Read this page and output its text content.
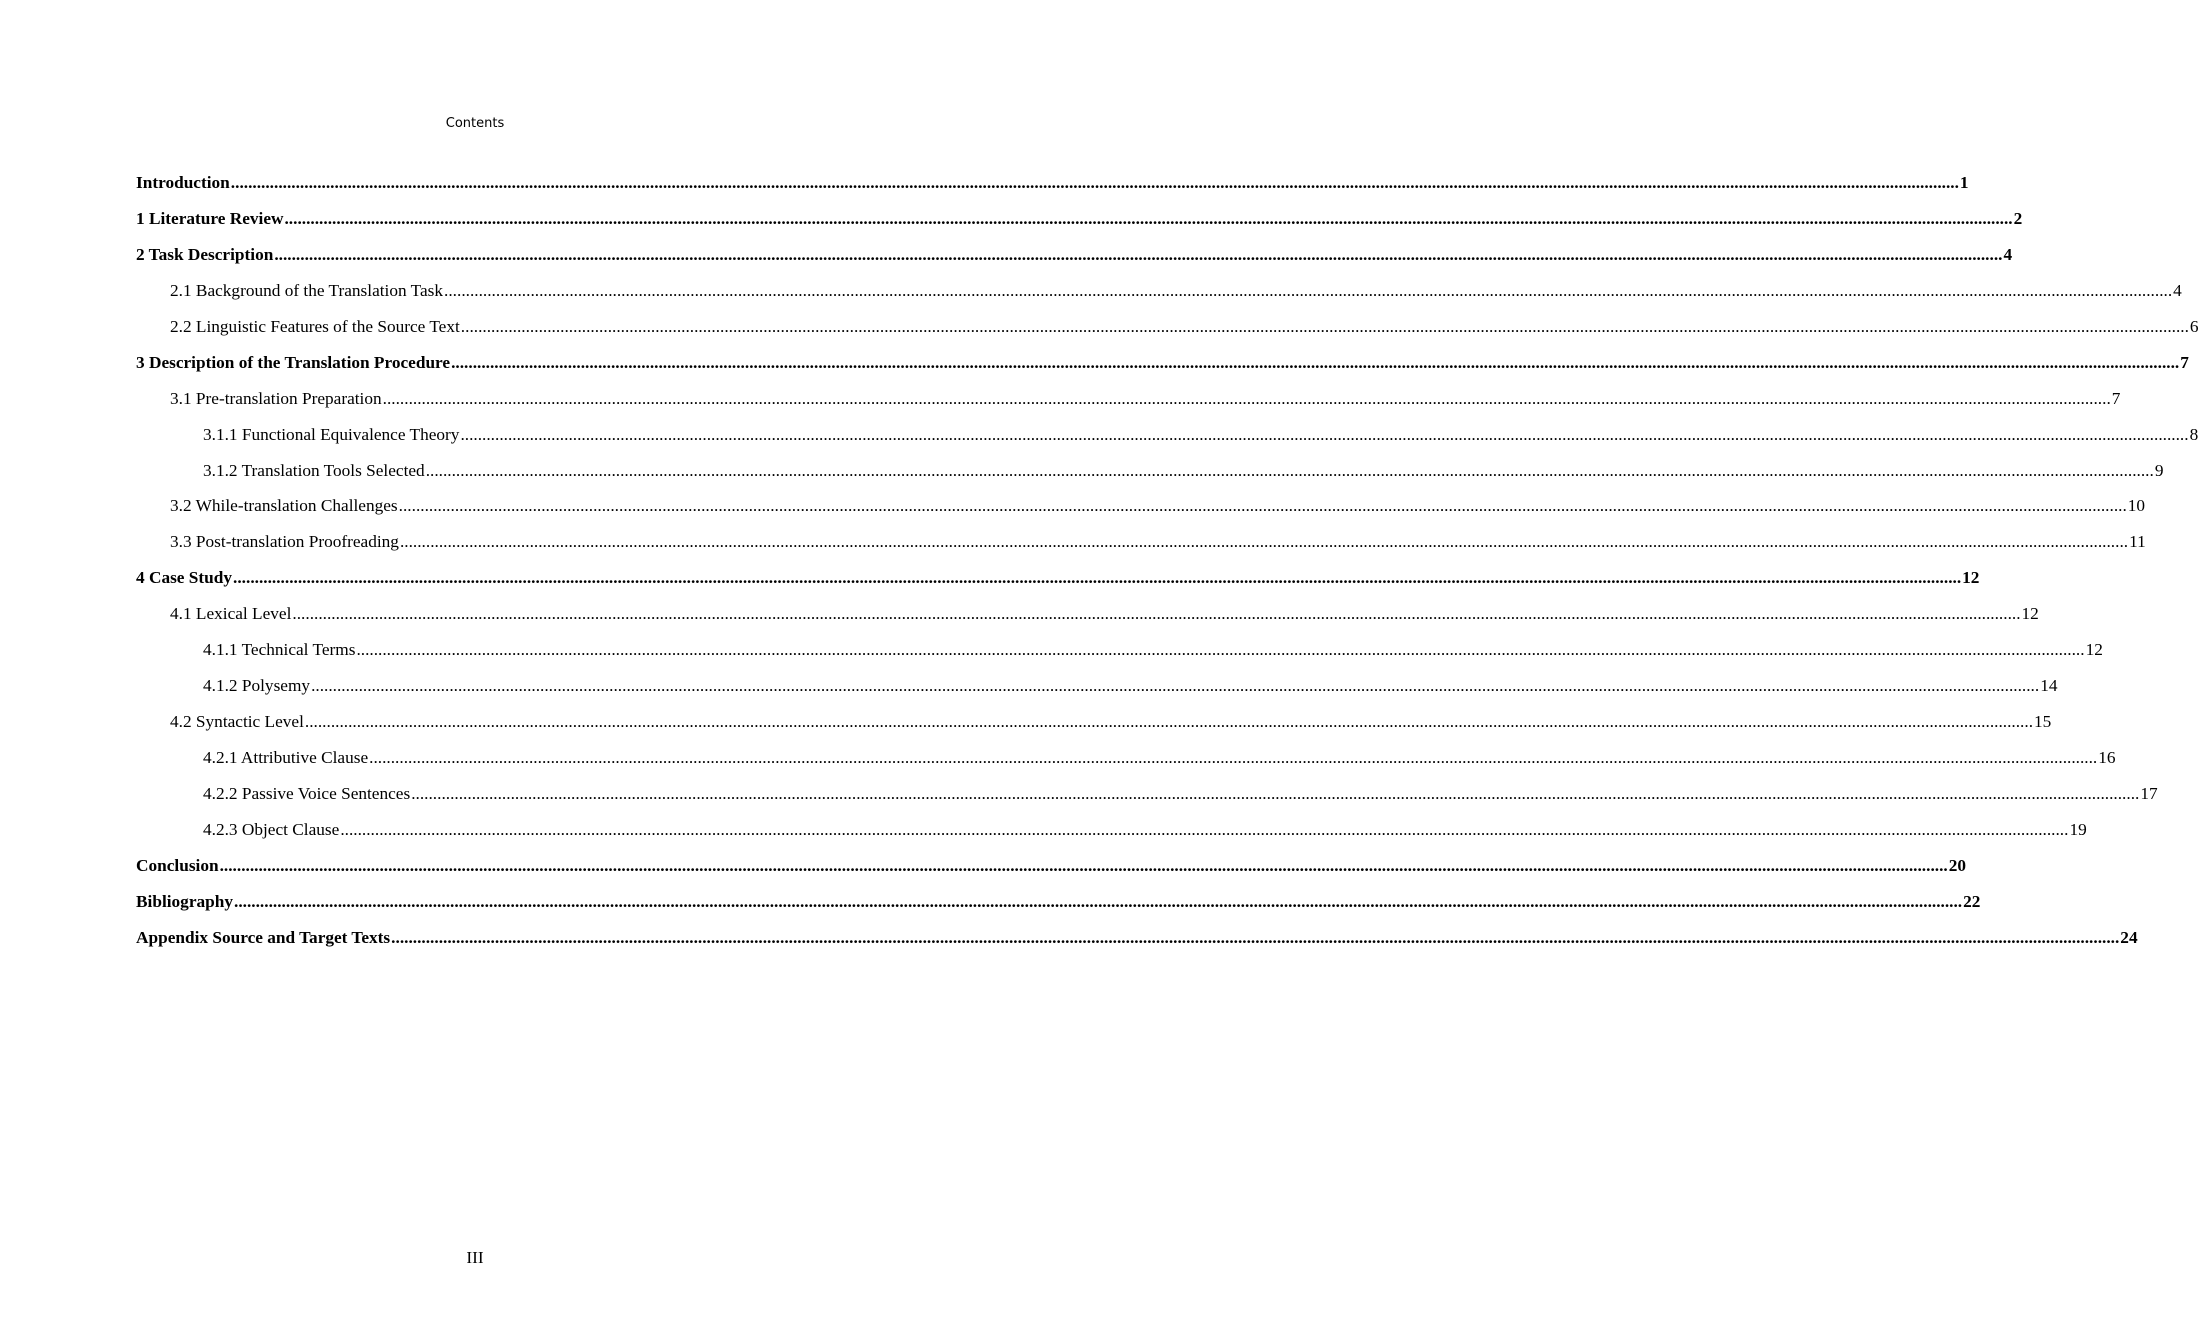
Contents
Introduction ................................................................................................................................................................................................................................................................................................................................................................................................................ 1
1 Literature Review ................................................................................................................................................................................................................................................................................................................................................................................................................ 2
2 Task Description ................................................................................................................................................................................................................................................................................................................................................................................................................ 4
2.1 Background of the Translation Task ................................................................................................................................................................................................................................................................................................................................................................................................................ 4
2.2 Linguistic Features of the Source Text ................................................................................................................................................................................................................................................................................................................................................................................................................ 6
3 Description of the Translation Procedure ................................................................................................................................................................................................................................................................................................................................................................................................................ 7
3.1 Pre-translation Preparation ................................................................................................................................................................................................................................................................................................................................................................................................................ 7
3.1.1 Functional Equivalence Theory ................................................................................................................................................................................................................................................................................................................................................................................................................ 8
3.1.2 Translation Tools Selected ................................................................................................................................................................................................................................................................................................................................................................................................................ 9
3.2 While-translation Challenges ................................................................................................................................................................................................................................................................................................................................................................................................................ 10
3.3 Post-translation Proofreading ................................................................................................................................................................................................................................................................................................................................................................................................................ 11
4 Case Study ................................................................................................................................................................................................................................................................................................................................................................................................................ 12
4.1 Lexical Level ................................................................................................................................................................................................................................................................................................................................................................................................................ 12
4.1.1 Technical Terms ................................................................................................................................................................................................................................................................................................................................................................................................................ 12
4.1.2 Polysemy ................................................................................................................................................................................................................................................................................................................................................................................................................ 14
4.2 Syntactic Level ................................................................................................................................................................................................................................................................................................................................................................................................................ 15
4.2.1 Attributive Clause ................................................................................................................................................................................................................................................................................................................................................................................................................ 16
4.2.2 Passive Voice Sentences ................................................................................................................................................................................................................................................................................................................................................................................................................ 17
4.2.3 Object Clause ................................................................................................................................................................................................................................................................................................................................................................................................................ 19
Conclusion ................................................................................................................................................................................................................................................................................................................................................................................................................ 20
Bibliography ................................................................................................................................................................................................................................................................................................................................................................................................................ 22
Appendix Source and Target Texts ................................................................................................................................................................................................................................................................................................................................................................................................................ 24
III
